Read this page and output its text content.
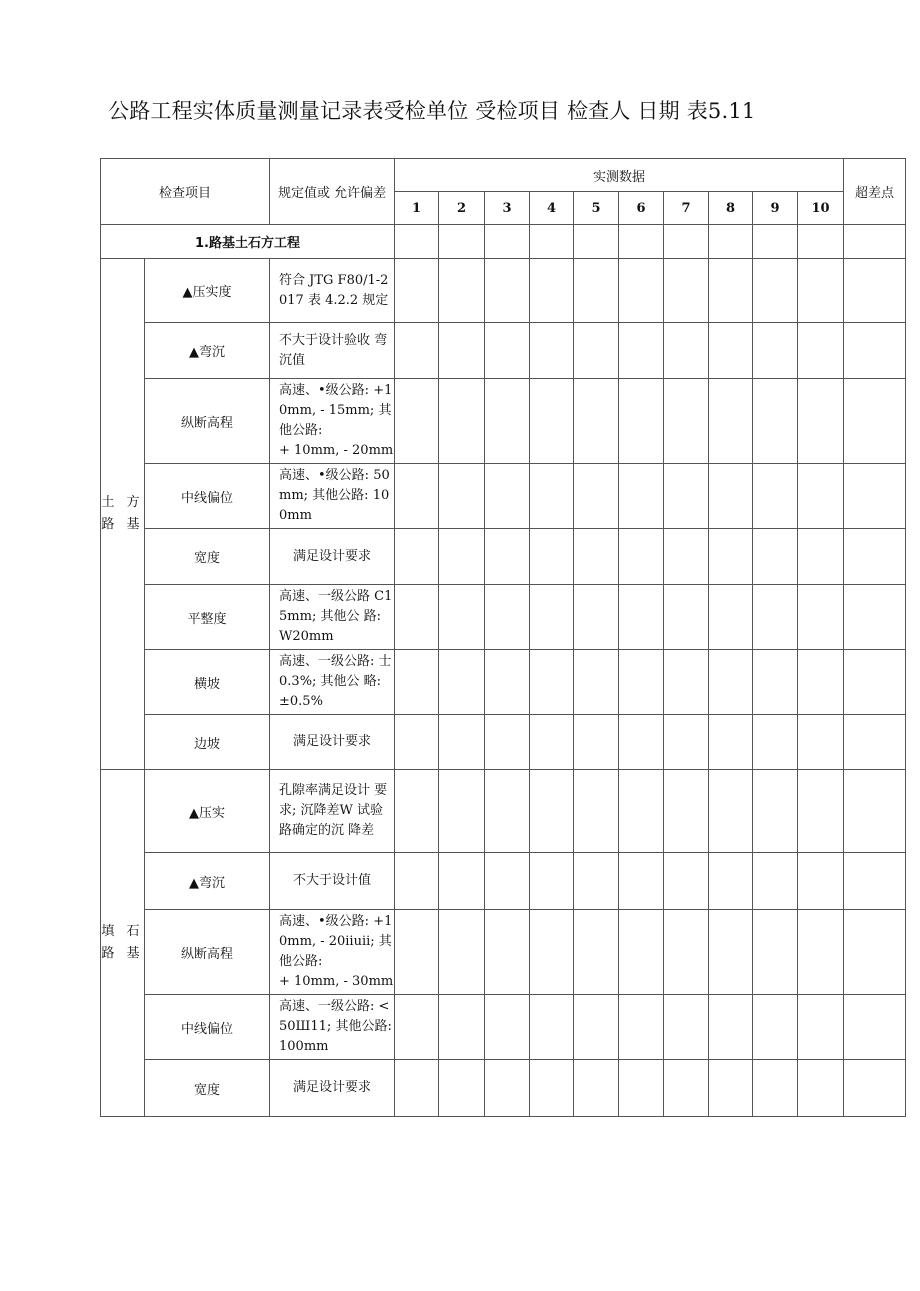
公路工程实体质量测量记录表受检单位 受检项目 检查人 日期 表5.11
检查项目		规定值或 允许偏差	实测数据										超差点
			1	2	3	4	5	6	7	8	9	10	
1.路基土石方工程													
土 方 路 基	▲压实度	符合 JTG F80/1-2017 表 4.2.2 规定											
	▲弯沉	不大于设计验收 弯沉值											
	纵断高程	高速、•级公路: +10mm, - 15mm; 其他公路:
+ 10mm, - 20mm											
	中线偏位	高速、•级公路: 50mm; 其他公路: 100mm											
	宽度	满足设计要求											
	平整度	高速、一级公路 C15mm; 其他公 路: W20mm											
	横坡	高速、一级公路: 士0.3%; 其他公 略: ±0.5%											
	边坡	满足设计要求											
填 石 路 基	▲压实	孔隙率满足设计 要求; 沉降差W 试验路确定的沉 降差											
	▲弯沉	不大于设计值											
	纵断高程	高速、•级公路: +10mm, - 20iiuii; 其他公路:
+ 10mm, - 30mm											
	中线偏位	高速、一级公路: <50Ш11; 其他公路: 100mm											
	宽度	满足设计要求											
